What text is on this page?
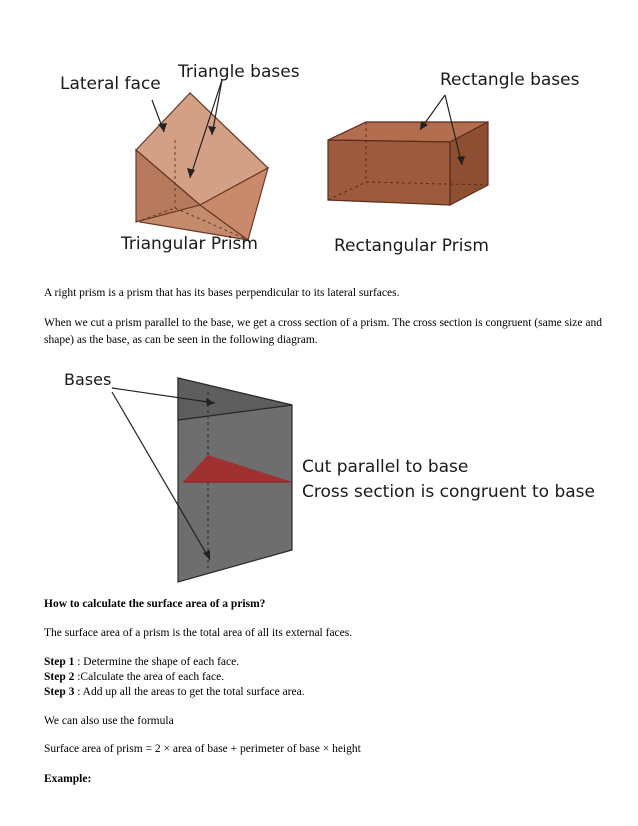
Lateral face
Triangle bases	Rectangle bases
Triangular Prism	Rectangular Prism
A right prism is a prism that has its bases perpendicular to its lateral surfaces.
When we cut a prism parallel to the base, we get a cross section of a prism. The cross section is congruent (same size and shape) as the base, as can be seen in the following diagram.
Bases
Cut parallel to base
Cross section is congruent to base
How to calculate the surface area of a prism?
The surface area of a prism is the total area of all its external faces.
Step 1 : Determine the shape of each face.
Step 2 :Calculate the area of each face.
Step 3 : Add up all the areas to get the total surface area.
We can also use the formula
Surface area of prism = 2 × area of base + perimeter of base × height
Example:
